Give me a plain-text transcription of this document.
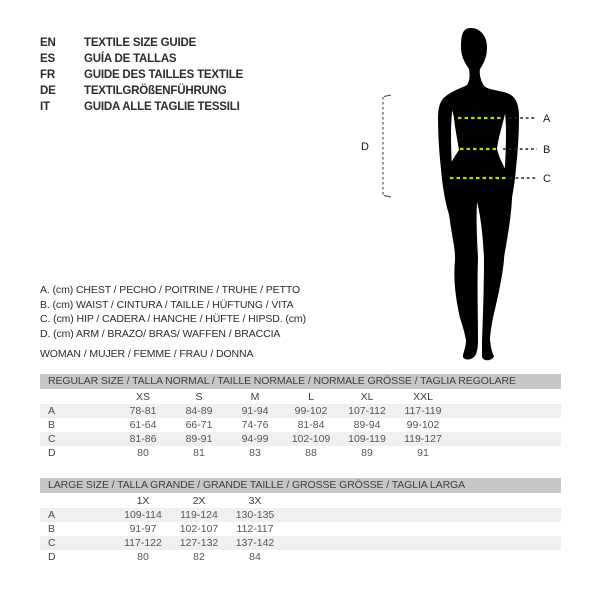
EN	TEXTILE SIZE GUIDE
ES	GUÍA DE TALLAS
FR	GUIDE DES TAILLES TEXTILE
DE	TEXTILGRÖßENFÜHRUNG
IT	GUIDA ALLE TAGLIE TESSILI
A
B
C
D
A. (cm) CHEST / PECHO / POITRINE / TRUHE / PETTO
B. (cm) WAIST / CINTURA / TAILLE / HÜFTUNG / VITA
C. (cm) HIP / CADERA / HANCHE / HÜFTE / HIPSD. (cm)
D. (cm) ARM / BRAZO/ BRAS/ WAFFEN / BRACCIA
WOMAN / MUJER / FEMME / FRAU / DONNA
REGULAR SIZE / TALLA NORMAL / TAILLE NORMALE / NORMALE GRÖSSE / TAGLIA REGOLARE
XS	S	M	L	XL	XXL
A	78-81	84-89	91-94	99-102	107-112	117-119
B	61-64	66-71	74-76	81-84	89-94	99-102
C	81-86	89-91	94-99	102-109	109-119	119-127
D	80	81	83	88	89	91
LARGE SIZE / TALLA GRANDE / GRANDE TAILLE / GROSSE GRÖSSE / TAGLIA LARGA
1X	2X	3X
A	109-114	119-124	130-135
B	91-97	102-107	112-117
C	117-122	127-132	137-142
D	80	82	84
